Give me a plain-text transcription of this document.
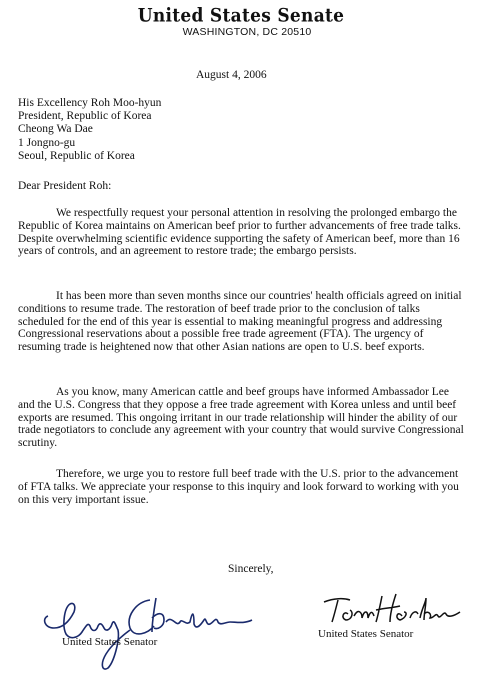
United States Senate
WASHINGTON, DC 20510
August 4, 2006
His Excellency Roh Moo-hyun
President, Republic of Korea
Cheong Wa Dae
1 Jongno-gu
Seoul, Republic of Korea
Dear President Roh:

We respectfully request your personal attention in resolving the prolonged embargo the Republic of Korea maintains on American beef prior to further advancements of free trade talks. Despite overwhelming scientific evidence supporting the safety of American beef, more than 16 years of controls, and an agreement to restore trade; the embargo persists.

It has been more than seven months since our countries' health officials agreed on initial conditions to resume trade. The restoration of beef trade prior to the conclusion of talks scheduled for the end of this year is essential to making meaningful progress and addressing Congressional reservations about a possible free trade agreement (FTA). The urgency of resuming trade is heightened now that other Asian nations are open to U.S. beef exports.

As you know, many American cattle and beef groups have informed Ambassador Lee and the U.S. Congress that they oppose a free trade agreement with Korea unless and until beef exports are resumed. This ongoing irritant in our trade relationship will hinder the ability of our trade negotiators to conclude any agreement with your country that would survive Congressional scrutiny.

Therefore, we urge you to restore full beef trade with the U.S. prior to the advancement of FTA talks. We appreciate your response to this inquiry and look forward to working with you on this very important issue.

Sincerely,
United States Senator
United States Senator
